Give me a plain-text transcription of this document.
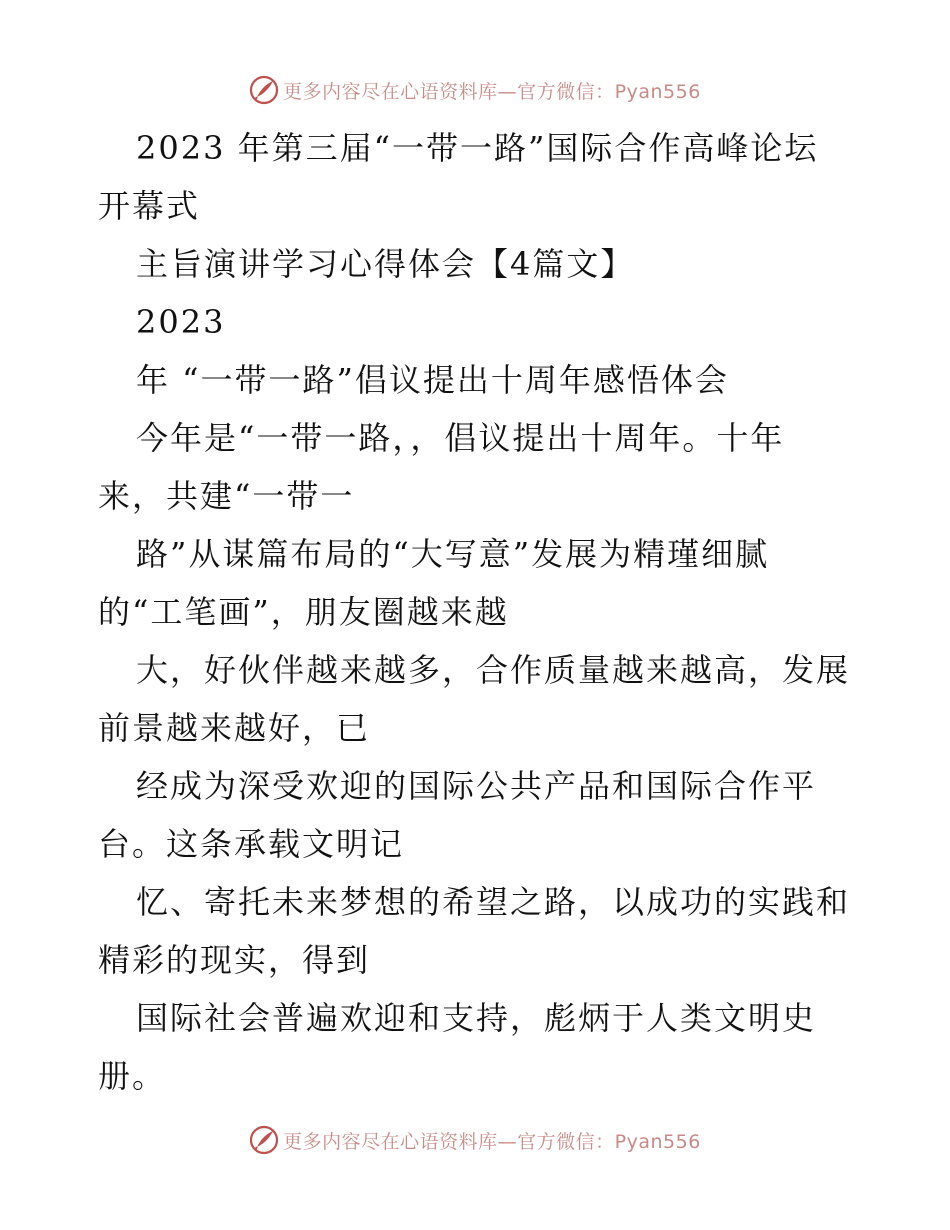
更多内容尽在心语资料库—官方微信：Pyan556
2023 年第三届“一带一路”国际合作高峰论坛
开幕式
主旨演讲学习心得体会【4篇文】
2023
年 “一带一路”倡议提出十周年感悟体会
今年是“一带一路，，倡议提出十周年。十年
来，共建“一带一
路”从谋篇布局的“大写意”发展为精瑾细腻
的“工笔画”，朋友圈越来越
大，好伙伴越来越多，合作质量越来越高，发展
前景越来越好，已
经成为深受欢迎的国际公共产品和国际合作平
台。这条承载文明记
忆、寄托未来梦想的希望之路，以成功的实践和
精彩的现实，得到
国际社会普遍欢迎和支持，彪炳于人类文明史
册。
更多内容尽在心语资料库—官方微信：Pyan556
